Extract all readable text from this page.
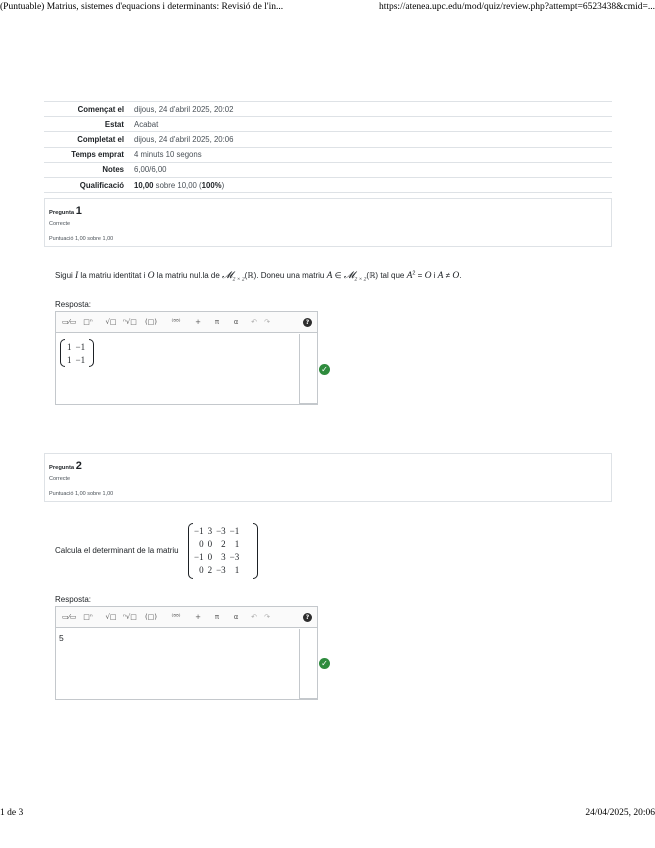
(Puntuable) Matrius, sistemes d'equacions i determinants: Revisió de l'in...	https://atenea.upc.edu/mod/quiz/review.php?attempt=6523438&cmid=...
Començat el	dijous, 24 d'abril 2025, 20:02
Estat	Acabat
Completat el	dijous, 24 d'abril 2025, 20:06
Temps emprat	4 minuts 10 segons
Notes	6,00/6,00
Qualificació	10,00 sobre 10,00 (100%)
Pregunta 1
Correcte
Puntuació 1,00 sobre 1,00
Sigui I la matriu identitat i O la matriu nul.la de 𝓜$_{2 \times 2}$(ℝ). Doneu una matriu A ∈ 𝓜$_{2 \times 2}$(ℝ) tal que $A^2 = O$ i A ≠ O.
Resposta:
▭⁄▭ □ⁿ √□ ⁿ√□ (□)	⁽⁸⁸⁾	+ π α ↶ ↷	?
1	−1
1	−1
✓
Pregunta 2
Correcte
Puntuació 1,00 sobre 1,00
Calcula el determinant de la matriu
−1	3	−3	−1
0	0	2	1
−1	0	3	−3
0	2	−3	1
Resposta:
▭⁄▭ □ⁿ √□ ⁿ√□ (□)	⁽⁸⁸⁾	+ π α ↶ ↷	?
5
✓
1 de 3	24/04/2025, 20:06
